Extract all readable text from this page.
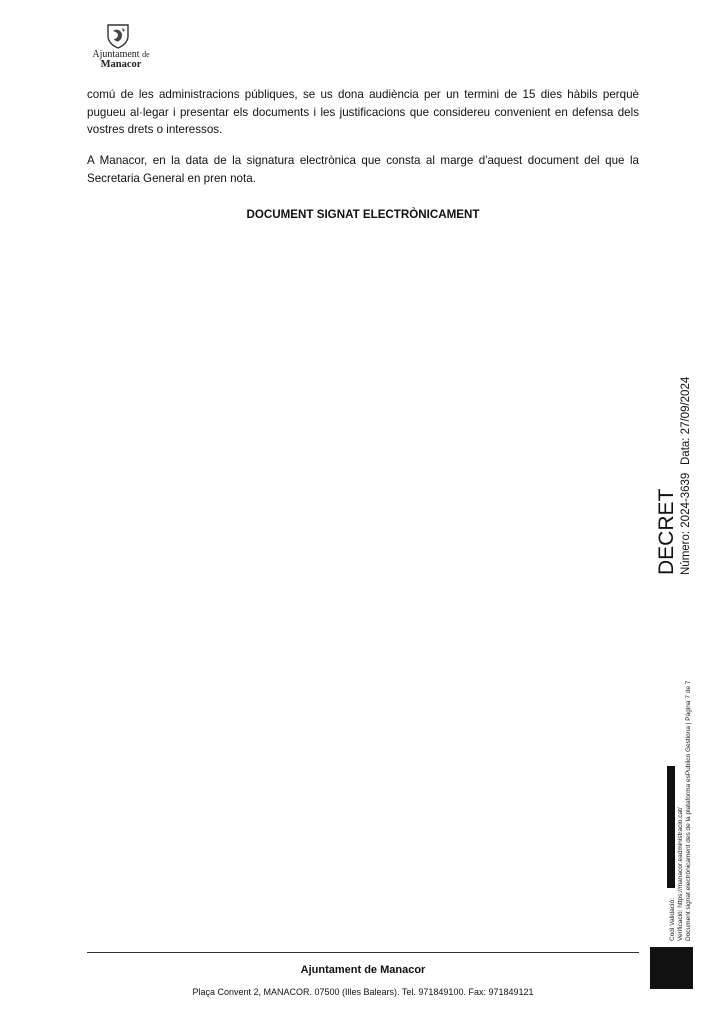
Ajuntament de
Manacor

comú de les administracions públiques, se us dona audiència per un termini de 15 dies hàbils perquè pugueu al·legar i presentar els documents i les justificacions que considereu convenient en defensa dels vostres drets o interessos.

A Manacor, en la data de la signatura electrònica que consta al marge d'aquest document del que la Secretaria General en pren nota.

DOCUMENT SIGNAT ELECTRÒNICAMENT
DECRET Número: 2024-3639
Data: 27/09/2024
Codi Validació: Verificació: https://manacor.eadministracio.cat/ Document signat electrònicament des de la plataforma esPublico Gestiona | Pàgina 7 de 7
Ajuntament de Manacor
Plaça Convent 2, MANACOR. 07500 (Illes Balears). Tel. 971849100. Fax: 971849121
